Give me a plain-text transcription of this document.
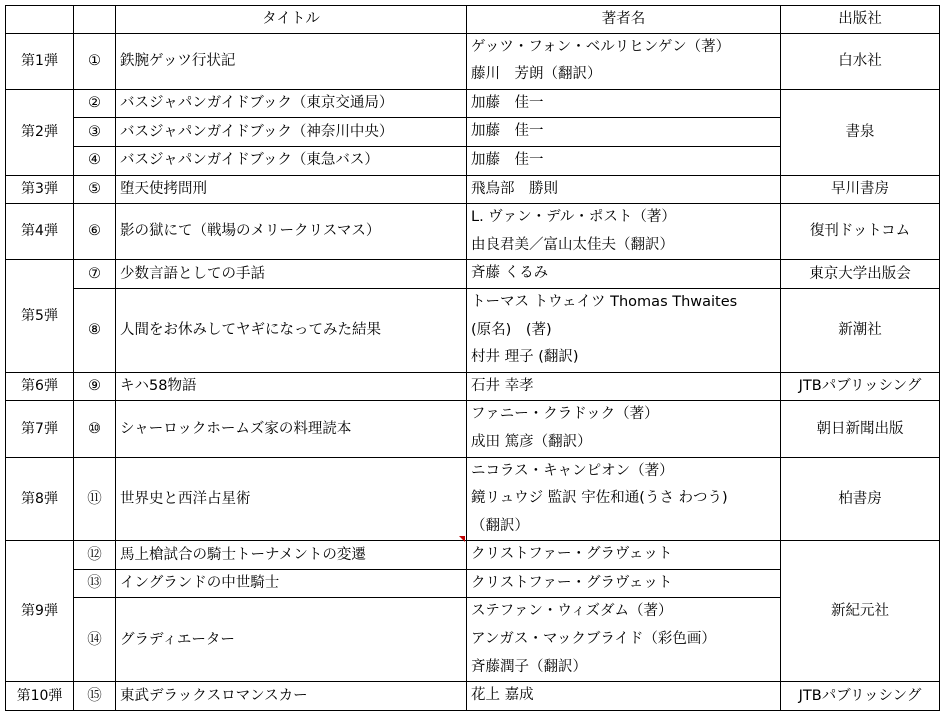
		タイトル	著者名	出版社
第1弾	①	鉄腕ゲッツ行状記	ゲッツ・フォン・ベルリヒンゲン（著）
藤川　芳朗（翻訳）	白水社
第2弾	②	バスジャパンガイドブック（東京交通局）	加藤　佳一	書泉
	③	バスジャパンガイドブック（神奈川中央）	加藤　佳一	

	④	バスジャパンガイドブック（東急バス）	加藤　佳一	

第3弾	⑤	堕天使拷問刑	飛鳥部　勝則	早川書房
第4弾	⑥	影の獄にて（戦場のメリークリスマス）	L. ヴァン・デル・ポスト（著）
由良君美／富山太佳夫（翻訳）	復刊ドットコム
第5弾	⑦	少数言語としての手話	斉藤 くるみ	東京大学出版会
	⑧	人間をお休みしてヤギになってみた結果	トーマス トウェイツ Thomas Thwaites
(原名)　(著)
村井 理子 (翻訳)	新潮社
第6弾	⑨	キハ58物語	石井 幸孝	JTBパブリッシング
第7弾	⑩	シャーロックホームズ家の料理読本	ファニー・クラドック（著）
成田 篤彦（翻訳）	朝日新聞出版
第8弾	⑪	世界史と西洋占星術	ニコラス・キャンピオン（著）
鏡リュウジ 監訳 宇佐和通(うさ わつう)
（翻訳）	柏書房
第9弾	⑫	馬上槍試合の騎士トーナメントの変遷	クリストファー・グラヴェット	新紀元社
	⑬	イングランドの中世騎士	クリストファー・グラヴェット	

	⑭	グラディエーター	ステファン・ウィズダム（著）
アンガス・マックブライド（彩色画）
斉藤潤子（翻訳）	

第10弾	⑮	東武デラックスロマンスカー	花上 嘉成	JTBパブリッシング
